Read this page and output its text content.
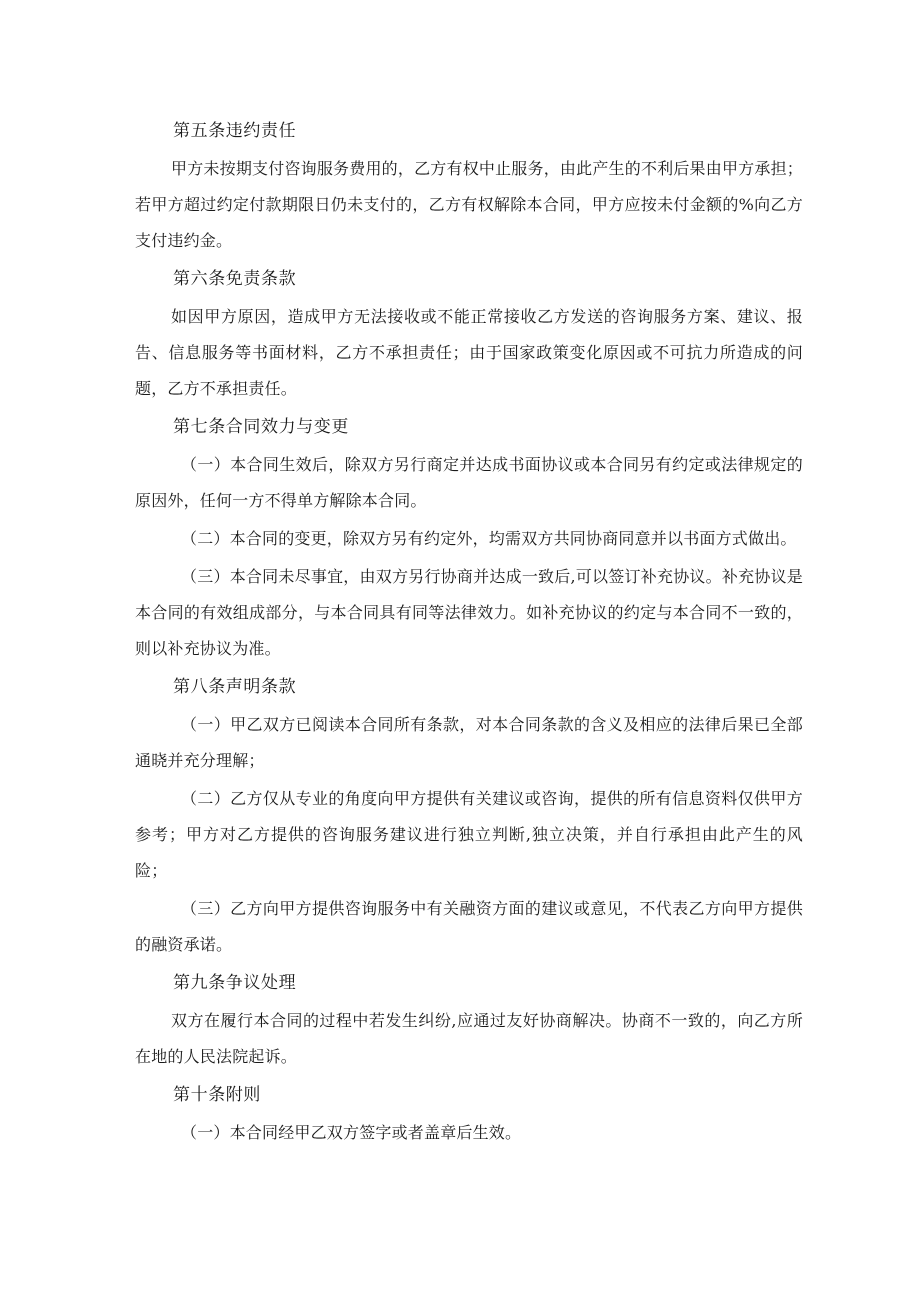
第五条违约责任

甲方未按期支付咨询服务费用的，乙方有权中止服务，由此产生的不利后果由甲方承担；若甲方超过约定付款期限日仍未支付的，乙方有权解除本合同，甲方应按未付金额的%向乙方支付违约金。

第六条免责条款

如因甲方原因，造成甲方无法接收或不能正常接收乙方发送的咨询服务方案、建议、报告、信息服务等书面材料，乙方不承担责任；由于国家政策变化原因或不可抗力所造成的问题，乙方不承担责任。

第七条合同效力与变更

（一）本合同生效后，除双方另行商定并达成书面协议或本合同另有约定或法律规定的原因外，任何一方不得单方解除本合同。

（二）本合同的变更，除双方另有约定外，均需双方共同协商同意并以书面方式做出。

（三）本合同未尽事宜，由双方另行协商并达成一致后,可以签订补充协议。补充协议是本合同的有效组成部分，与本合同具有同等法律效力。如补充协议的约定与本合同不一致的，则以补充协议为准。

第八条声明条款

（一）甲乙双方已阅读本合同所有条款，对本合同条款的含义及相应的法律后果已全部通晓并充分理解；

（二）乙方仅从专业的角度向甲方提供有关建议或咨询，提供的所有信息资料仅供甲方参考；甲方对乙方提供的咨询服务建议进行独立判断,独立决策，并自行承担由此产生的风险；

（三）乙方向甲方提供咨询服务中有关融资方面的建议或意见，不代表乙方向甲方提供的融资承诺。

第九条争议处理

双方在履行本合同的过程中若发生纠纷,应通过友好协商解决。协商不一致的，向乙方所在地的人民法院起诉。

第十条附则

（一）本合同经甲乙双方签字或者盖章后生效。
